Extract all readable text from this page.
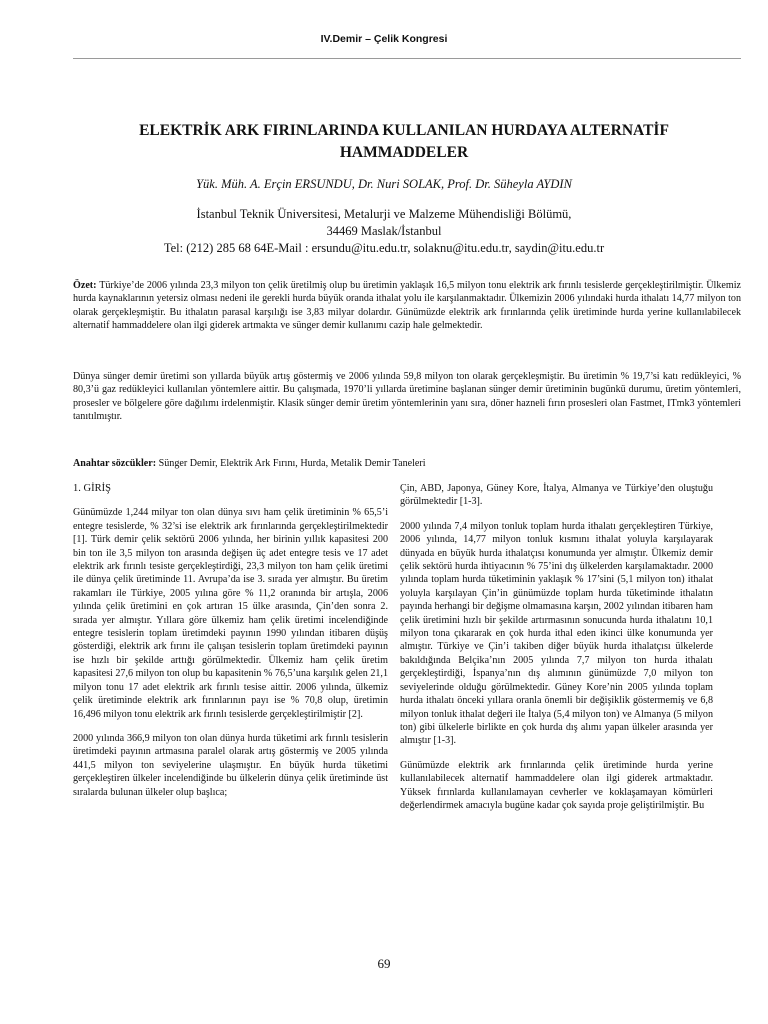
IV.Demir – Çelik Kongresi
ELEKTRİK ARK FIRINLARINDA KULLANILAN HURDAYA ALTERNATİF
HAMMADDELER
Yük. Müh. A. Erçin ERSUNDU, Dr. Nuri SOLAK, Prof. Dr. Süheyla AYDIN
İstanbul Teknik Üniversitesi, Metalurji ve Malzeme Mühendisliği Bölümü,
34469 Maslak/İstanbul
Tel: (212) 285 68 64E-Mail : ersundu@itu.edu.tr, solaknu@itu.edu.tr, saydin@itu.edu.tr
Özet: Türkiye’de 2006 yılında 23,3 milyon ton çelik üretilmiş olup bu üretimin yaklaşık 16,5 milyon tonu elektrik ark fırınlı tesislerde gerçekleştirilmiştir. Ülkemiz hurda kaynaklarının yetersiz olması nedeni ile gerekli hurda büyük oranda ithalat yolu ile karşılanmaktadır. Ülkemizin 2006 yılındaki hurda ithalatı 14,77 milyon ton olarak gerçekleşmiştir. Bu ithalatın parasal karşılığı ise 3,83 milyar dolardır. Günümüzde elektrik ark fırınlarında çelik üretiminde hurda yerine kullanılabilecek alternatif hammaddelere olan ilgi giderek artmakta ve sünger demir kullanımı cazip hale gelmektedir.
Dünya sünger demir üretimi son yıllarda büyük artış göstermiş ve 2006 yılında 59,8 milyon ton olarak gerçekleşmiştir. Bu üretimin % 19,7’si katı redükleyici, % 80,3’ü gaz redükleyici kullanılan yöntemlere aittir. Bu çalışmada, 1970’li yıllarda üretimine başlanan sünger demir üretiminin bugünkü durumu, üretim yöntemleri, prosesler ve bölgelere göre dağılımı irdelenmiştir. Klasik sünger demir üretim yöntemlerinin yanı sıra, döner hazneli fırın prosesleri olan Fastmet, ITmk3 yöntemleri tanıtılmıştır.
Anahtar sözcükler: Sünger Demir, Elektrik Ark Fırını, Hurda, Metalik Demir Taneleri
1. GİRİŞ

Günümüzde 1,244 milyar ton olan dünya sıvı ham çelik üretiminin % 65,5’i entegre tesislerde, % 32’si ise elektrik ark fırınlarında gerçekleştirilmektedir [1]. Türk demir çelik sektörü 2006 yılında, her birinin yıllık kapasitesi 200 bin ton ile 3,5 milyon ton arasında değişen üç adet entegre tesis ve 17 adet elektrik ark fırınlı tesiste gerçekleştirdiği, 23,3 milyon ton ham çelik üretimi ile dünya çelik üretiminde 11. Avrupa’da ise 3. sırada yer almıştır. Bu üretim rakamları ile Türkiye, 2005 yılına göre % 11,2 oranında bir artışla, 2006 yılında çelik üretimini en çok artıran 15 ülke arasında, Çin’den sonra 2. sırada yer almıştır. Yıllara göre ülkemiz ham çelik üretimi incelendiğinde entegre tesislerin toplam üretimdeki payının 1990 yılından itibaren düşüş gösterdiği, elektrik ark fırını ile çalışan tesislerin toplam üretimdeki payının ise hızlı bir şekilde arttığı görülmektedir. Ülkemiz ham çelik üretim kapasitesi 27,6 milyon ton olup bu kapasitenin % 76,5’una karşılık gelen 21,1 milyon tonu 17 adet elektrik ark fırınlı tesise aittir. 2006 yılında, ülkemiz çelik üretiminde elektrik ark fırınlarının payı ise % 70,8 olup, üretimin 16,496 milyon tonu elektrik ark fırınlı tesislerde gerçekleştirilmiştir [2].

2000 yılında 366,9 milyon ton olan dünya hurda tüketimi ark fırınlı tesislerin üretimdeki payının artmasına paralel olarak artış göstermiş ve 2005 yılında 441,5 milyon ton seviyelerine ulaşmıştır. En büyük hurda tüketimi gerçekleştiren ülkeler incelendiğinde bu ülkelerin dünya çelik üretiminde üst sıralarda bulunan ülkeler olup başlıca;

Çin, ABD, Japonya, Güney Kore, İtalya, Almanya ve Türkiye’den oluştuğu görülmektedir [1-3].

2000 yılında 7,4 milyon tonluk toplam hurda ithalatı gerçekleştiren Türkiye, 2006 yılında, 14,77 milyon tonluk kısmını ithalat yoluyla karşılayarak dünyada en büyük hurda ithalatçısı konumunda yer almıştır. Ülkemiz demir çelik sektörü hurda ihtiyacının % 75’ini dış ülkelerden karşılamaktadır. 2000 yılında toplam hurda tüketiminin yaklaşık % 17’sini (5,1 milyon ton) ithalat yoluyla karşılayan Çin’in günümüzde toplam hurda tüketiminde ithalatın payında herhangi bir değişme olmamasına karşın, 2002 yılından itibaren ham çelik üretimini hızlı bir şekilde artırmasının sonucunda hurda ithalatını 10,1 milyon tona çıkararak en çok hurda ithal eden ikinci ülke konumunda yer almıştır. Türkiye ve Çin’i takiben diğer büyük hurda ithalatçısı ülkelerde bakıldığında Belçika’nın 2005 yılında 7,7 milyon ton hurda ithalatı gerçekleştirdiği, İspanya’nın dış alımının günümüzde 7,0 milyon ton seviyelerinde olduğu görülmektedir. Güney Kore’nin 2005 yılında toplam hurda ithalatı önceki yıllara oranla önemli bir değişiklik göstermemiş ve 6,8 milyon tonluk ithalat değeri ile İtalya (5,4 milyon ton) ve Almanya (5 milyon ton) gibi ülkelerle birlikte en çok hurda dış alımı yapan ülkeler arasında yer almıştır [1-3].

Günümüzde elektrik ark fırınlarında çelik üretiminde hurda yerine kullanılabilecek alternatif hammaddelere olan ilgi giderek artmaktadır. Yüksek fırınlarda kullanılamayan cevherler ve koklaşamayan kömürleri değerlendirmek amacıyla bugüne kadar çok sayıda proje geliştirilmiştir. Bu

69
